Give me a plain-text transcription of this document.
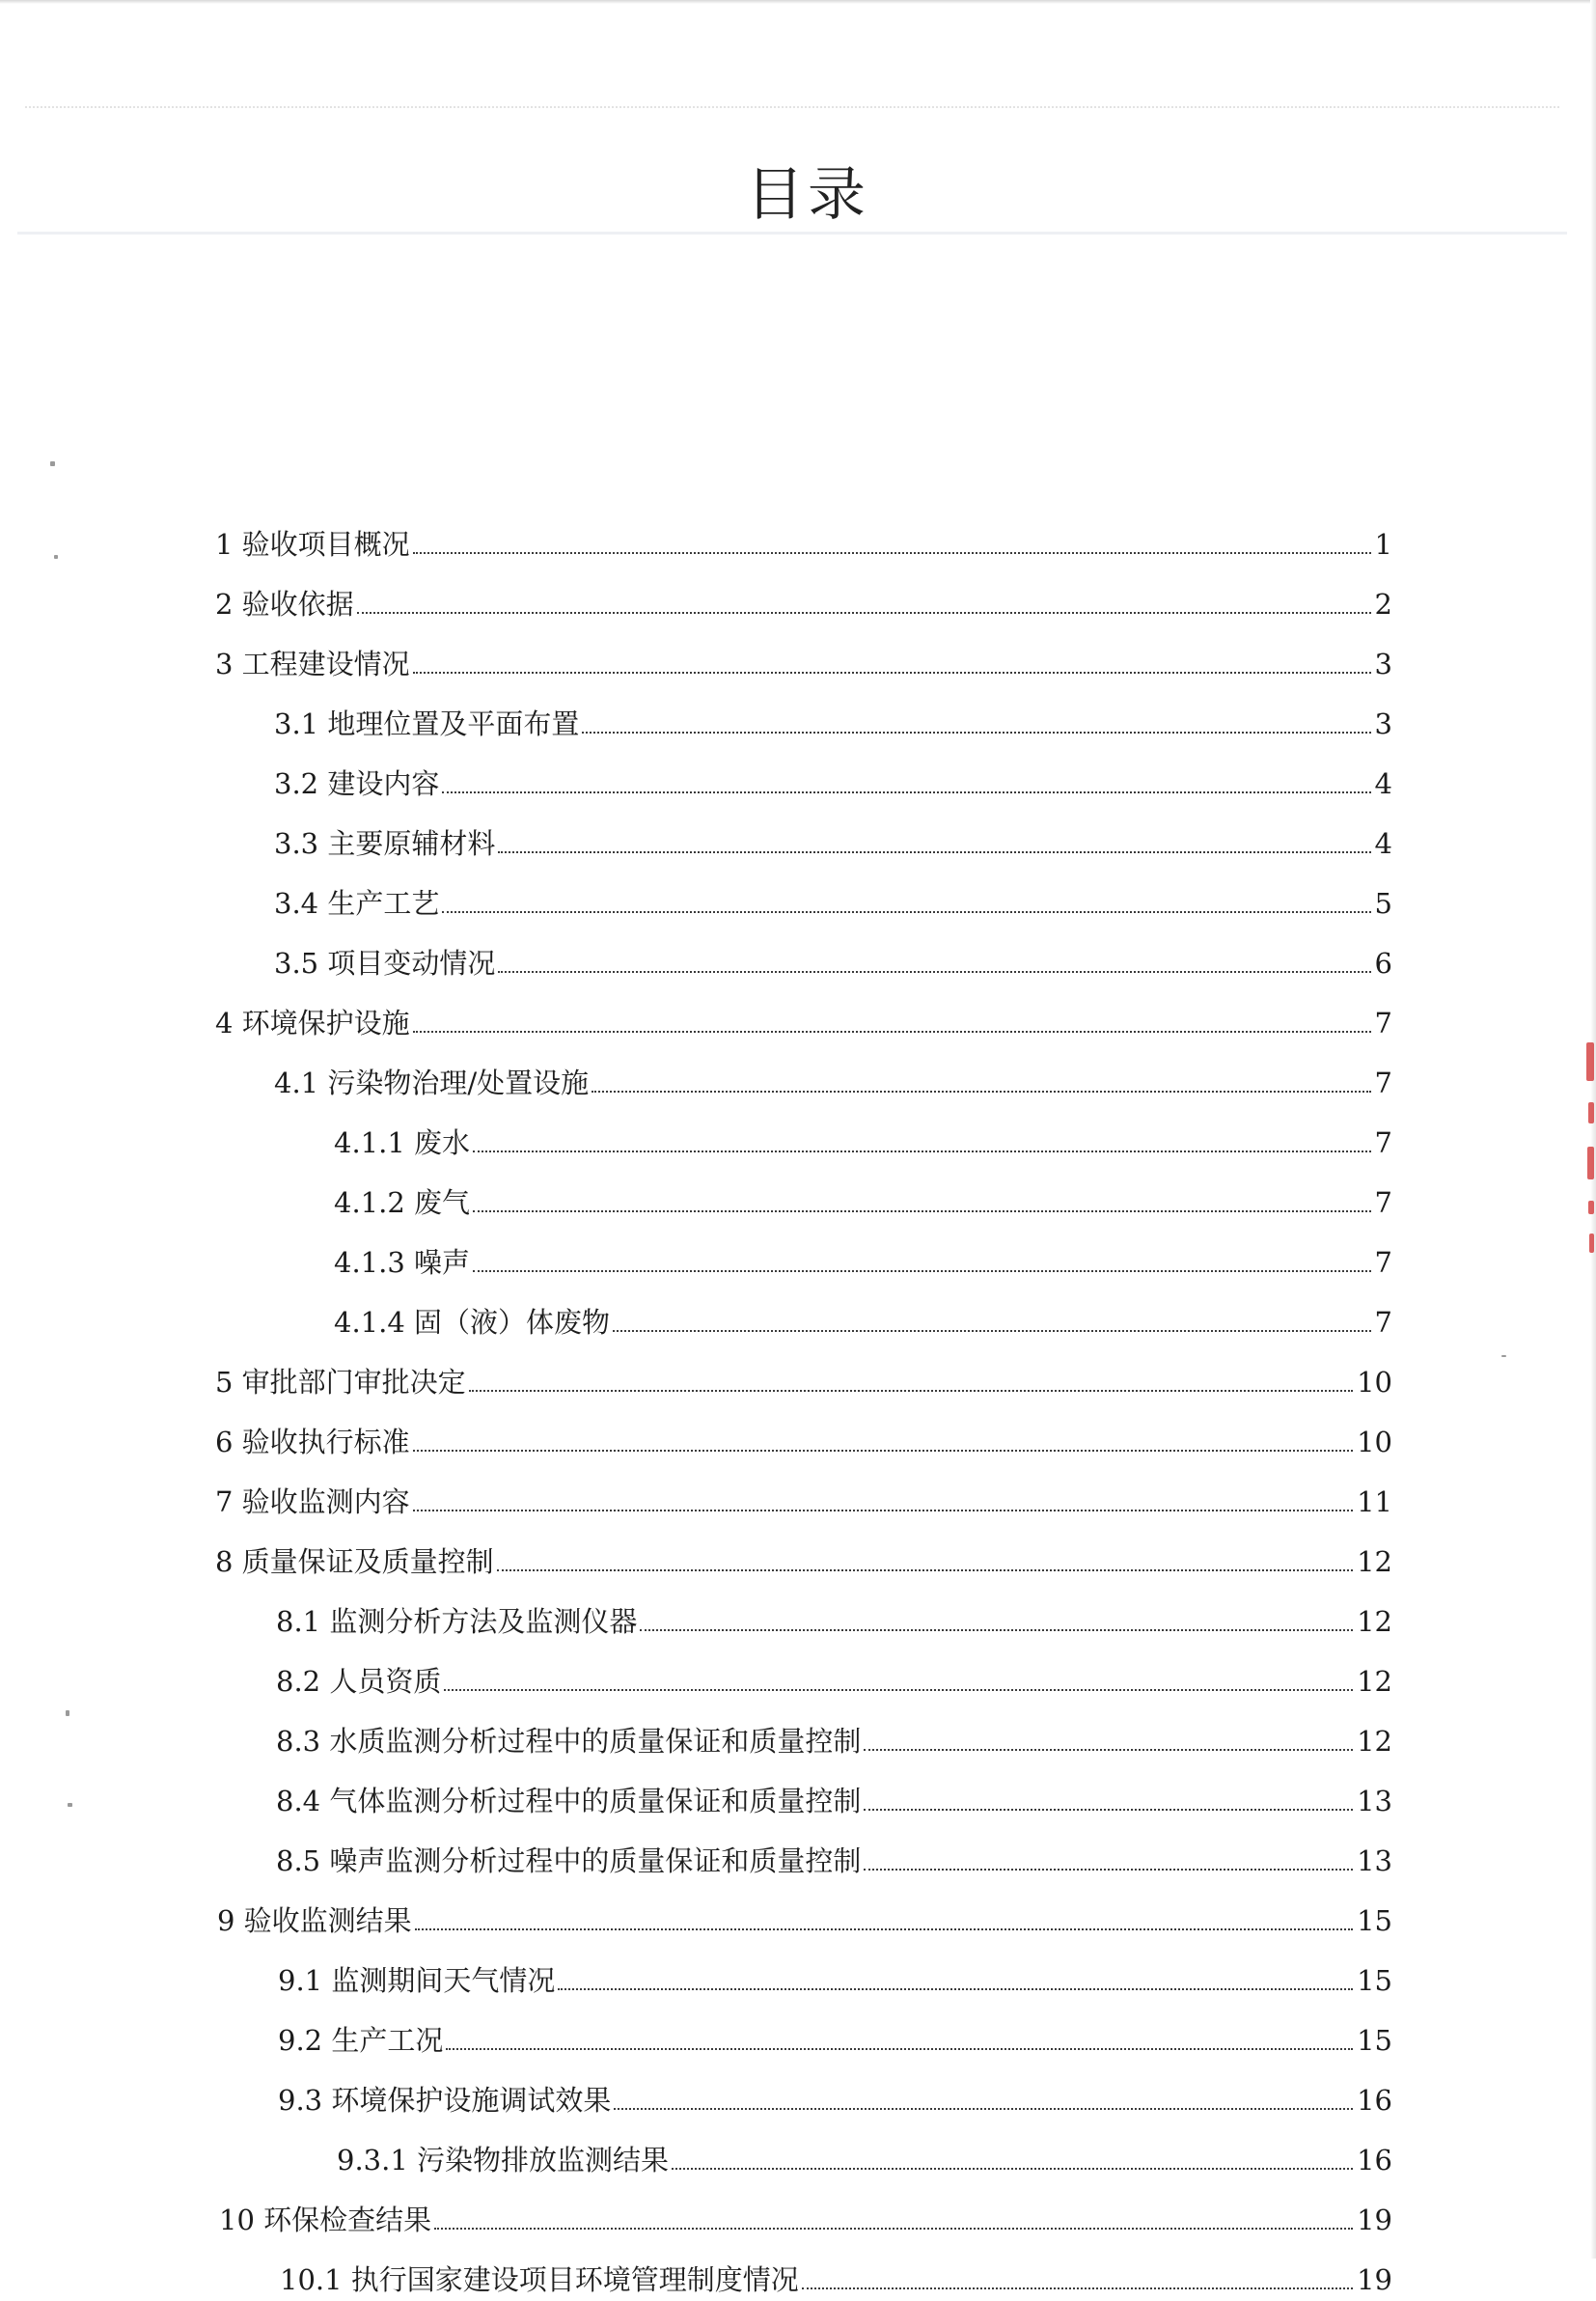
目录
1 验收项目概况	1
2 验收依据	2
3 工程建设情况	3
3.1 地理位置及平面布置	3
3.2 建设内容	4
3.3 主要原辅材料	4
3.4 生产工艺	5
3.5 项目变动情况	6
4 环境保护设施	7
4.1 污染物治理/处置设施	7
4.1.1 废水	7
4.1.2 废气	7
4.1.3 噪声	7
4.1.4 固（液）体废物	7
5 审批部门审批决定	10
6 验收执行标准	10
7 验收监测内容	11
8 质量保证及质量控制	12
8.1 监测分析方法及监测仪器	12
8.2 人员资质	12
8.3 水质监测分析过程中的质量保证和质量控制	12
8.4 气体监测分析过程中的质量保证和质量控制	13
8.5 噪声监测分析过程中的质量保证和质量控制	13
9 验收监测结果	15
9.1 监测期间天气情况	15
9.2 生产工况	15
9.3 环境保护设施调试效果	16
9.3.1 污染物排放监测结果	16
10 环保检查结果	19
10.1 执行国家建设项目环境管理制度情况	19
